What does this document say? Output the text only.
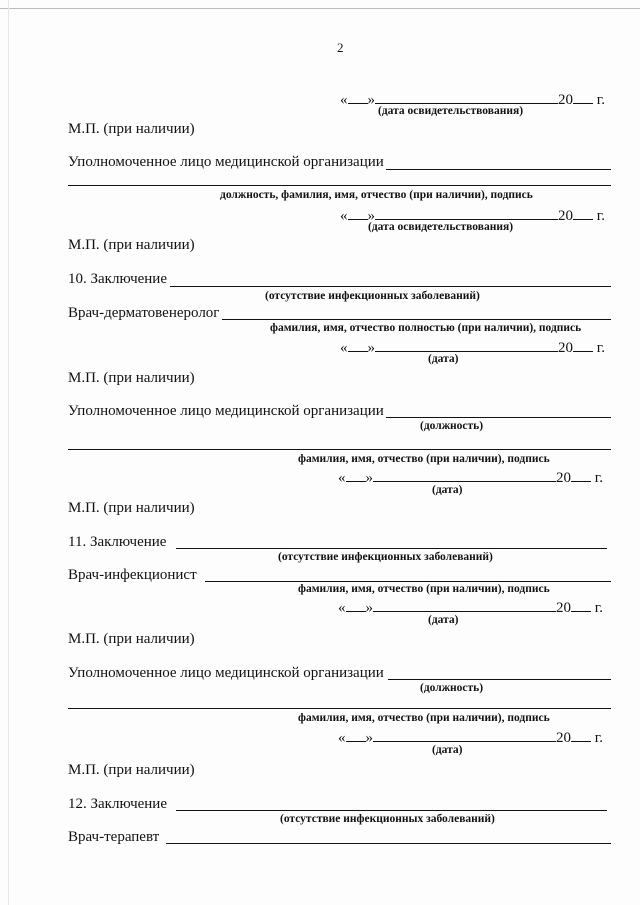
2
« »	20 г.
(дата освидетельствования)
М.П. (при наличии)
Уполномоченное лицо медицинской организации
должность, фамилия, имя, отчество (при наличии), подпись
« »	20 г.
(дата освидетельствования)
М.П. (при наличии)
10. Заключение
(отсутствие инфекционных заболеваний)
Врач-дерматовенеролог
фамилия, имя, отчество полностью (при наличии), подпись
« »	20 г.
(дата)
М.П. (при наличии)
Уполномоченное лицо медицинской организации
(должность)
фамилия, имя, отчество (при наличии), подпись
« »	20 г.
(дата)
М.П. (при наличии)
11. Заключение
(отсутствие инфекционных заболеваний)
Врач-инфекционист
фамилия, имя, отчество (при наличии), подпись
« »	20 г.
(дата)
М.П. (при наличии)
Уполномоченное лицо медицинской организации
(должность)
фамилия, имя, отчество (при наличии), подпись
« »	20 г.
(дата)
М.П. (при наличии)
12. Заключение
(отсутствие инфекционных заболеваний)
Врач-терапевт
